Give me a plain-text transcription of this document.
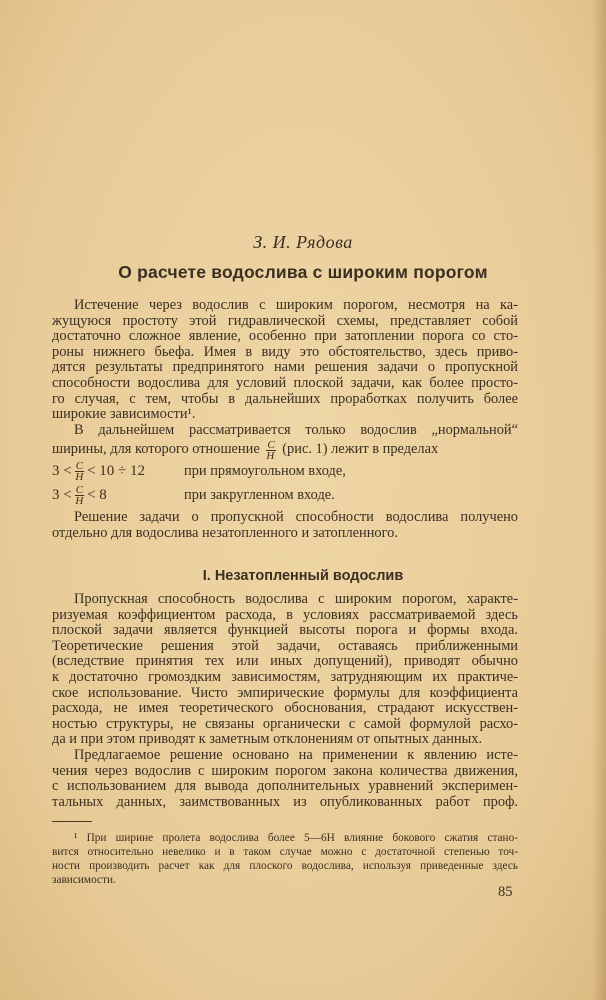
З. И. Рядова
О расчете водослива с широким порогом
Истечение через водослив с широким порогом, несмотря на ка-
жущуюся простоту этой гидравлической схемы, представляет собой
достаточно сложное явление, особенно при затоплении порога со сто-
роны нижнего бьефа. Имея в виду это обстоятельство, здесь приво-
дятся результаты предпринятого нами решения задачи о пропускной
способности водослива для условий плоской задачи, как более просто-
го случая, с тем, чтобы в дальнейших проработках получить более
широкие зависимости¹.
В дальнейшем рассматривается только водослив „нормальной“
ширины, для которого отношение $\frac{C}{H} (рис$. 1) лежит в пределах
$3 < \frac{C}{H} < 10 \div 12$	при прямоугольном входе,
$3 < \frac{C}{H} < 8$	при закругленном входе.
Решение задачи о пропускной способности водослива получено
отдельно для водослива незатопленного и затопленного.
I. Незатопленный водослив
Пропускная способность водослива с широким порогом, характе-
ризуемая коэффициентом расхода, в условиях рассматриваемой здесь
плоской задачи является функцией высоты порога и формы входа.
Теоретические решения этой задачи, оставаясь приближенными
(вследствие принятия тех или иных допущений), приводят обычно
к достаточно громоздким зависимостям, затрудняющим их практиче-
ское использование. Чисто эмпирические формулы для коэффициента
расхода, не имея теоретического обоснования, страдают искусствен-
ностью структуры, не связаны органически с самой формулой расхо-
да и при этом приводят к заметным отклонениям от опытных данных.
Предлагаемое решение основано на применении к явлению исте-
чения через водослив с широким порогом закона количества движения,
с использованием для вывода дополнительных уравнений эксперимен-
тальных данных, заимствованных из опубликованных работ проф.
¹ При ширине пролета водослива более 5—6H влияние бокового сжатия стано-
вится относительно невелико и в таком случае можно с достаточной степенью точ-
ности производить расчет как для плоского водослива, используя приведенные здесь
зависимости.
85
